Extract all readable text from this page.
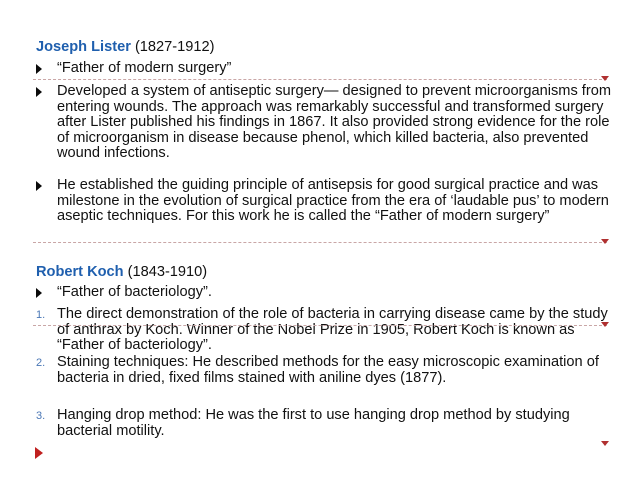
Joseph Lister (1827-1912)
“Father of modern surgery”
Developed a system of antiseptic surgery— designed to prevent microorganisms from entering wounds. The approach was remarkably successful and transformed surgery after Lister published his findings in 1867. It also provided strong evidence for the role of microorganism in disease because phenol, which killed bacteria, also prevented wound infections.
He established the guiding principle of antisepsis for good surgical practice and was milestone in the evolution of surgical practice from the era of ‘laudable pus’ to modern aseptic techniques. For this work he is called the “Father of modern surgery”
Robert Koch (1843-1910)
“Father of bacteriology”.
1. The direct demonstration of the role of bacteria in carrying disease came by the study of anthrax by Koch. Winner of the Nobel Prize in 1905, Robert Koch is known as “Father of bacteriology”.
2. Staining techniques: He described methods for the easy microscopic examination of bacteria in dried, fixed films stained with aniline dyes (1877).
3. Hanging drop method: He was the first to use hanging drop method by studying bacterial motility.
